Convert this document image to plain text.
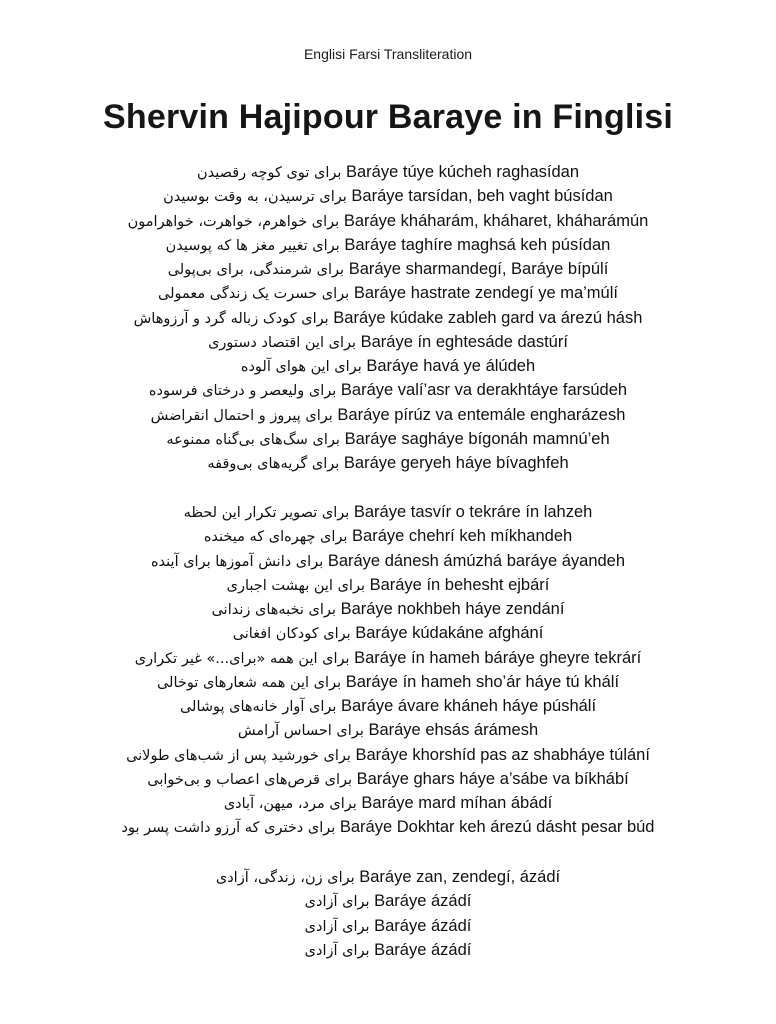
Englisi Farsi Transliteration
Shervin Hajipour Baraye in Finglisi
برای توی کوچه رقصیدن Baráye túye kúcheh raghasídan
برای ترسیدن، به وقت بوسیدن Baráye tarsídan, beh vaght búsídan
برای خواهرم، خواهرت، خواهرامون Baráye kháharám, kháharet, kháharámún
برای تغییر مغز ها که پوسیدن Baráye taghíre maghsá keh púsídan
برای شرمندگی، برای بی‌پولی Baráye sharmandegí, Baráye bípúlí
برای حسرت یک زندگی معمولی Baráye hastrate zendegí ye ma’múlí
برای کودک زباله گرد و آرزوهاش Baráye kúdake zableh gard va árezú hásh
برای این اقتصاد دستوری Baráye ín eghtesáde dastúrí
برای این هوای آلوده Baráye havá ye álúdeh
برای ولیعصر و درختای فرسوده Baráye valí’asr va derakhtáye farsúdeh
برای پیروز و احتمال انقراضش Baráye pírúz va entemále engharázesh
برای سگ‌های بی‌گناه ممنوعه Baráye sagháye bígonáh mamnú’eh
برای گریه‌های بی‌وقفه Baráye geryeh háye bívaghfeh
برای تصویر تکرار این لحظه Baráye tasvír o tekráre ín lahzeh
برای چهره‌ای که میخنده Baráye chehrí keh míkhandeh
برای دانش آموزها برای آینده Baráye dánesh ámúzhá baráye áyandeh
برای این بهشت اجباری Baráye ín behesht ejbárí
برای نخبه‌های زندانی Baráye nokhbeh háye zendání
برای کودکان افغانی Baráye kúdakáne afghání
برای این همه «برای...» غیر تکراری Baráye ín hameh báráye gheyre tekrárí
برای این همه شعارهای توخالی Baráye ín hameh sho’ár háye tú khálí
برای آوار خانه‌های پوشالی Baráye ávare kháneh háye púshálí
برای احساس آرامش Baráye ehsás árámesh
برای خورشید پس از شب‌های طولانی Baráye khorshíd pas az shabháye túlání
برای قرص‌های اعصاب و بی‌خوابی Baráye ghars háye a’sábe va bíkhábí
برای مرد، میهن، آبادی Baráye mard míhan ábádí
برای دختری که آرزو داشت پسر بود Baráye Dokhtar keh árezú dásht pesar búd
برای زن، زندگی، آزادی Baráye zan, zendegí, ázádí
برای آزادی Baráye ázádí
برای آزادی Baráye ázádí
برای آزادی Baráye ázádí
